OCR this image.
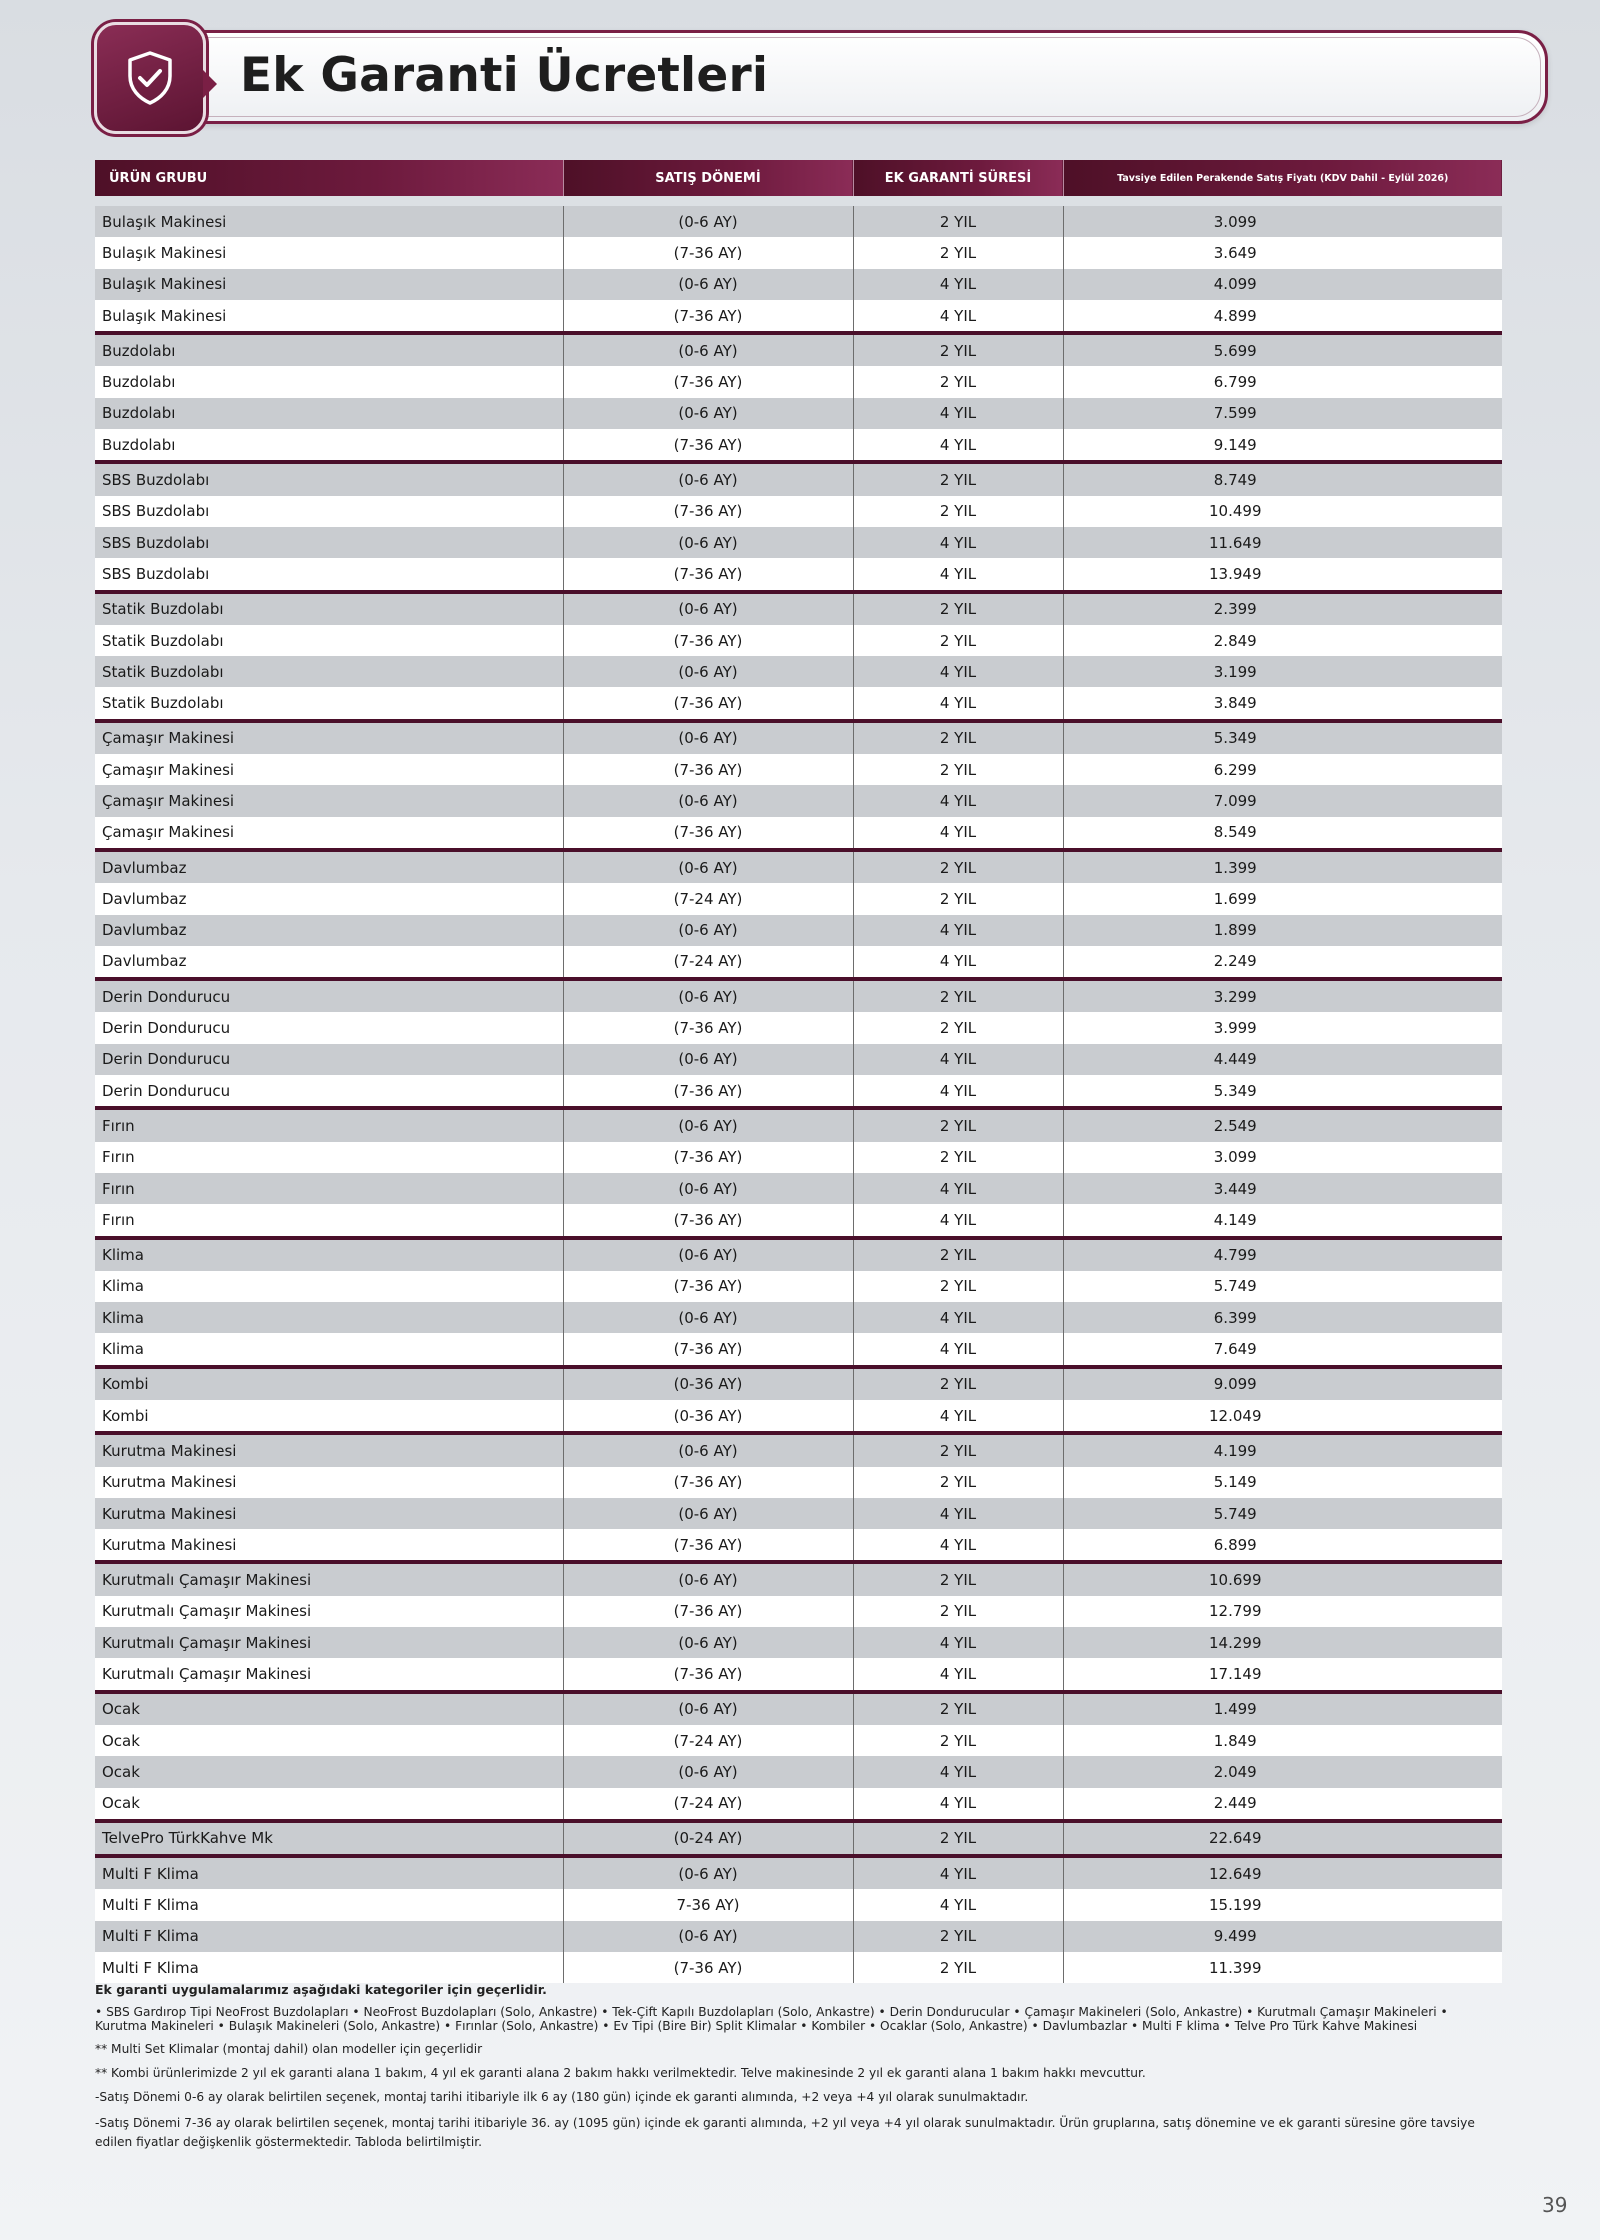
Ek Garanti Ücretleri
ÜRÜN GRUBU	SATIŞ DÖNEMİ	EK GARANTİ SÜRESİ	Tavsiye Edilen Perakende Satış Fiyatı (KDV Dahil - Eylül 2026)

Bulaşık Makinesi	(0-6 AY)	2 YIL	3.099
Bulaşık Makinesi	(7-36 AY)	2 YIL	3.649
Bulaşık Makinesi	(0-6 AY)	4 YIL	4.099
Bulaşık Makinesi	(7-36 AY)	4 YIL	4.899
Buzdolabı	(0-6 AY)	2 YIL	5.699
Buzdolabı	(7-36 AY)	2 YIL	6.799
Buzdolabı	(0-6 AY)	4 YIL	7.599
Buzdolabı	(7-36 AY)	4 YIL	9.149
SBS Buzdolabı	(0-6 AY)	2 YIL	8.749
SBS Buzdolabı	(7-36 AY)	2 YIL	10.499
SBS Buzdolabı	(0-6 AY)	4 YIL	11.649
SBS Buzdolabı	(7-36 AY)	4 YIL	13.949
Statik Buzdolabı	(0-6 AY)	2 YIL	2.399
Statik Buzdolabı	(7-36 AY)	2 YIL	2.849
Statik Buzdolabı	(0-6 AY)	4 YIL	3.199
Statik Buzdolabı	(7-36 AY)	4 YIL	3.849
Çamaşır Makinesi	(0-6 AY)	2 YIL	5.349
Çamaşır Makinesi	(7-36 AY)	2 YIL	6.299
Çamaşır Makinesi	(0-6 AY)	4 YIL	7.099
Çamaşır Makinesi	(7-36 AY)	4 YIL	8.549
Davlumbaz	(0-6 AY)	2 YIL	1.399
Davlumbaz	(7-24 AY)	2 YIL	1.699
Davlumbaz	(0-6 AY)	4 YIL	1.899
Davlumbaz	(7-24 AY)	4 YIL	2.249
Derin Dondurucu	(0-6 AY)	2 YIL	3.299
Derin Dondurucu	(7-36 AY)	2 YIL	3.999
Derin Dondurucu	(0-6 AY)	4 YIL	4.449
Derin Dondurucu	(7-36 AY)	4 YIL	5.349
Fırın	(0-6 AY)	2 YIL	2.549
Fırın	(7-36 AY)	2 YIL	3.099
Fırın	(0-6 AY)	4 YIL	3.449
Fırın	(7-36 AY)	4 YIL	4.149
Klima	(0-6 AY)	2 YIL	4.799
Klima	(7-36 AY)	2 YIL	5.749
Klima	(0-6 AY)	4 YIL	6.399
Klima	(7-36 AY)	4 YIL	7.649
Kombi	(0-36 AY)	2 YIL	9.099
Kombi	(0-36 AY)	4 YIL	12.049
Kurutma Makinesi	(0-6 AY)	2 YIL	4.199
Kurutma Makinesi	(7-36 AY)	2 YIL	5.149
Kurutma Makinesi	(0-6 AY)	4 YIL	5.749
Kurutma Makinesi	(7-36 AY)	4 YIL	6.899
Kurutmalı Çamaşır Makinesi	(0-6 AY)	2 YIL	10.699
Kurutmalı Çamaşır Makinesi	(7-36 AY)	2 YIL	12.799
Kurutmalı Çamaşır Makinesi	(0-6 AY)	4 YIL	14.299
Kurutmalı Çamaşır Makinesi	(7-36 AY)	4 YIL	17.149
Ocak	(0-6 AY)	2 YIL	1.499
Ocak	(7-24 AY)	2 YIL	1.849
Ocak	(0-6 AY)	4 YIL	2.049
Ocak	(7-24 AY)	4 YIL	2.449
TelvePro TürkKahve Mk	(0-24 AY)	2 YIL	22.649
Multi F Klima	(0-6 AY)	4 YIL	12.649
Multi F Klima	7-36 AY)	4 YIL	15.199
Multi F Klima	(0-6 AY)	2 YIL	9.499
Multi F Klima	(7-36 AY)	2 YIL	11.399

Ek garanti uygulamalarımız aşağıdaki kategoriler için geçerlidir.

• SBS Gardırop Tipi NeoFrost Buzdolapları • NeoFrost Buzdolapları (Solo, Ankastre) • Tek-Çift Kapılı Buzdolapları (Solo, Ankastre) • Derin Dondurucular • Çamaşır Makineleri (Solo, Ankastre) • Kurutmalı Çamaşır Makineleri • Kurutma Makineleri • Bulaşık Makineleri (Solo, Ankastre) • Fırınlar (Solo, Ankastre) • Ev Tipi (Bire Bir) Split Klimalar • Kombiler • Ocaklar (Solo, Ankastre) • Davlumbazlar • Multi F klima • Telve Pro Türk Kahve Makinesi

** Multi Set Klimalar (montaj dahil) olan modeller için geçerlidir

** Kombi ürünlerimizde 2 yıl ek garanti alana 1 bakım, 4 yıl ek garanti alana 2 bakım hakkı verilmektedir. Telve makinesinde 2 yıl ek garanti alana 1 bakım hakkı mevcuttur.

-Satış Dönemi 0-6 ay olarak belirtilen seçenek, montaj tarihi itibariyle ilk 6 ay (180 gün) içinde ek garanti alımında, +2 veya +4 yıl olarak sunulmaktadır.

-Satış Dönemi 7-36 ay olarak belirtilen seçenek, montaj tarihi itibariyle 36. ay (1095 gün) içinde ek garanti alımında, +2 yıl veya +4 yıl olarak sunulmaktadır. Ürün gruplarına, satış dönemine ve ek garanti süresine göre tavsiye edilen fiyatlar değişkenlik göstermektedir. Tabloda belirtilmiştir.

39
